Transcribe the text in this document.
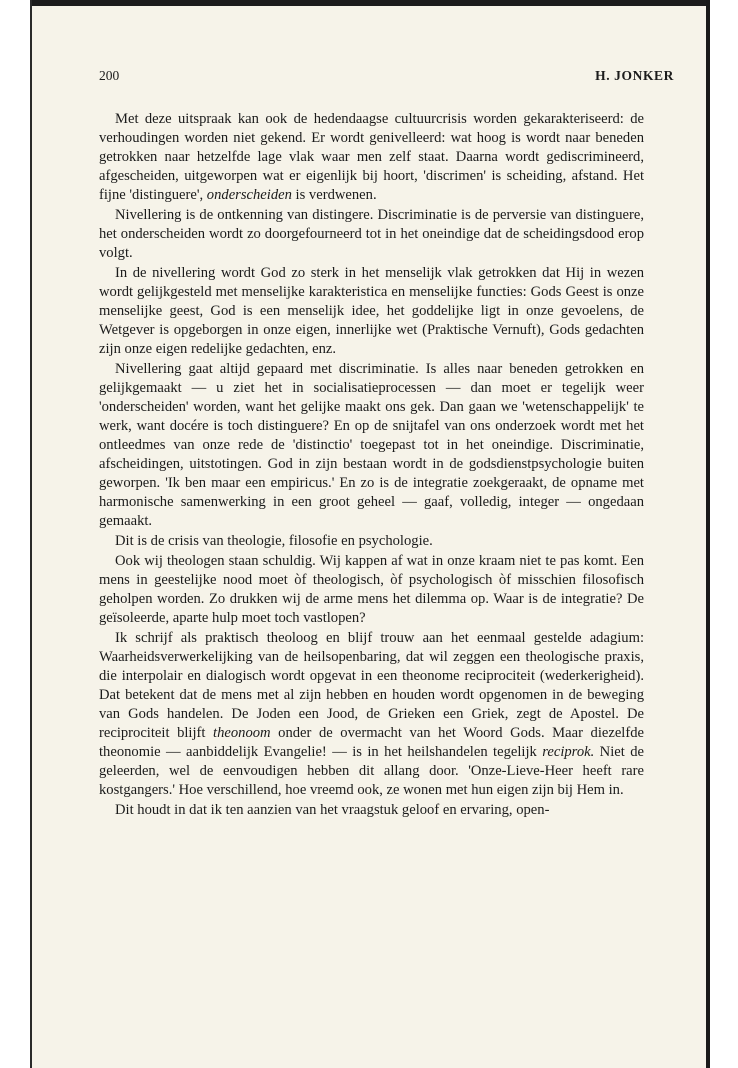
200	H. JONKER

Met deze uitspraak kan ook de hedendaagse cultuurcrisis worden gekarakteriseerd: de verhoudingen worden niet gekend. Er wordt genivelleerd: wat hoog is wordt naar beneden getrokken naar hetzelfde lage vlak waar men zelf staat. Daarna wordt gediscrimineerd, afgescheiden, uitgeworpen wat er eigenlijk bij hoort, 'discrimen' is scheiding, afstand. Het fijne 'distinguere', onderscheiden is verdwenen.

Nivellering is de ontkenning van distingere. Discriminatie is de perversie van distinguere, het onderscheiden wordt zo doorgefourneerd tot in het oneindige dat de scheidingsdood erop volgt.

In de nivellering wordt God zo sterk in het menselijk vlak getrokken dat Hij in wezen wordt gelijkgesteld met menselijke karakteristica en menselijke functies: Gods Geest is onze menselijke geest, God is een menselijk idee, het goddelijke ligt in onze gevoelens, de Wetgever is opgeborgen in onze eigen, innerlijke wet (Praktische Vernuft), Gods gedachten zijn onze eigen redelijke gedachten, enz.

Nivellering gaat altijd gepaard met discriminatie. Is alles naar beneden getrokken en gelijkgemaakt — u ziet het in socialisatieprocessen — dan moet er tegelijk weer 'onderscheiden' worden, want het gelijke maakt ons gek. Dan gaan we 'wetenschappelijk' te werk, want docére is toch distinguere? En op de snijtafel van ons onderzoek wordt met het ontleedmes van onze rede de 'distinctio' toegepast tot in het oneindige. Discriminatie, afscheidingen, uitstotingen. God in zijn bestaan wordt in de godsdienstpsychologie buiten geworpen. 'Ik ben maar een empiricus.' En zo is de integratie zoekgeraakt, de opname met harmonische samenwerking in een groot geheel — gaaf, volledig, integer — ongedaan gemaakt.

Dit is de crisis van theologie, filosofie en psychologie.

Ook wij theologen staan schuldig. Wij kappen af wat in onze kraam niet te pas komt. Een mens in geestelijke nood moet òf theologisch, òf psychologisch òf misschien filosofisch geholpen worden. Zo drukken wij de arme mens het dilemma op. Waar is de integratie? De geïsoleerde, aparte hulp moet toch vastlopen?

Ik schrijf als praktisch theoloog en blijf trouw aan het eenmaal gestelde adagium: Waarheidsverwerkelijking van de heilsopenbaring, dat wil zeggen een theologische praxis, die interpolair en dialogisch wordt opgevat in een theonome reciprociteit (wederkerigheid). Dat betekent dat de mens met al zijn hebben en houden wordt opgenomen in de beweging van Gods handelen. De Joden een Jood, de Grieken een Griek, zegt de Apostel. De reciprociteit blijft theonoom onder de overmacht van het Woord Gods. Maar diezelfde theonomie — aanbiddelijk Evangelie! — is in het heilshandelen tegelijk reciprok. Niet de geleerden, wel de eenvoudigen hebben dit allang door. 'Onze-Lieve-Heer heeft rare kostgangers.' Hoe verschillend, hoe vreemd ook, ze wonen met hun eigen zijn bij Hem in.

Dit houdt in dat ik ten aanzien van het vraagstuk geloof en ervaring, open-
